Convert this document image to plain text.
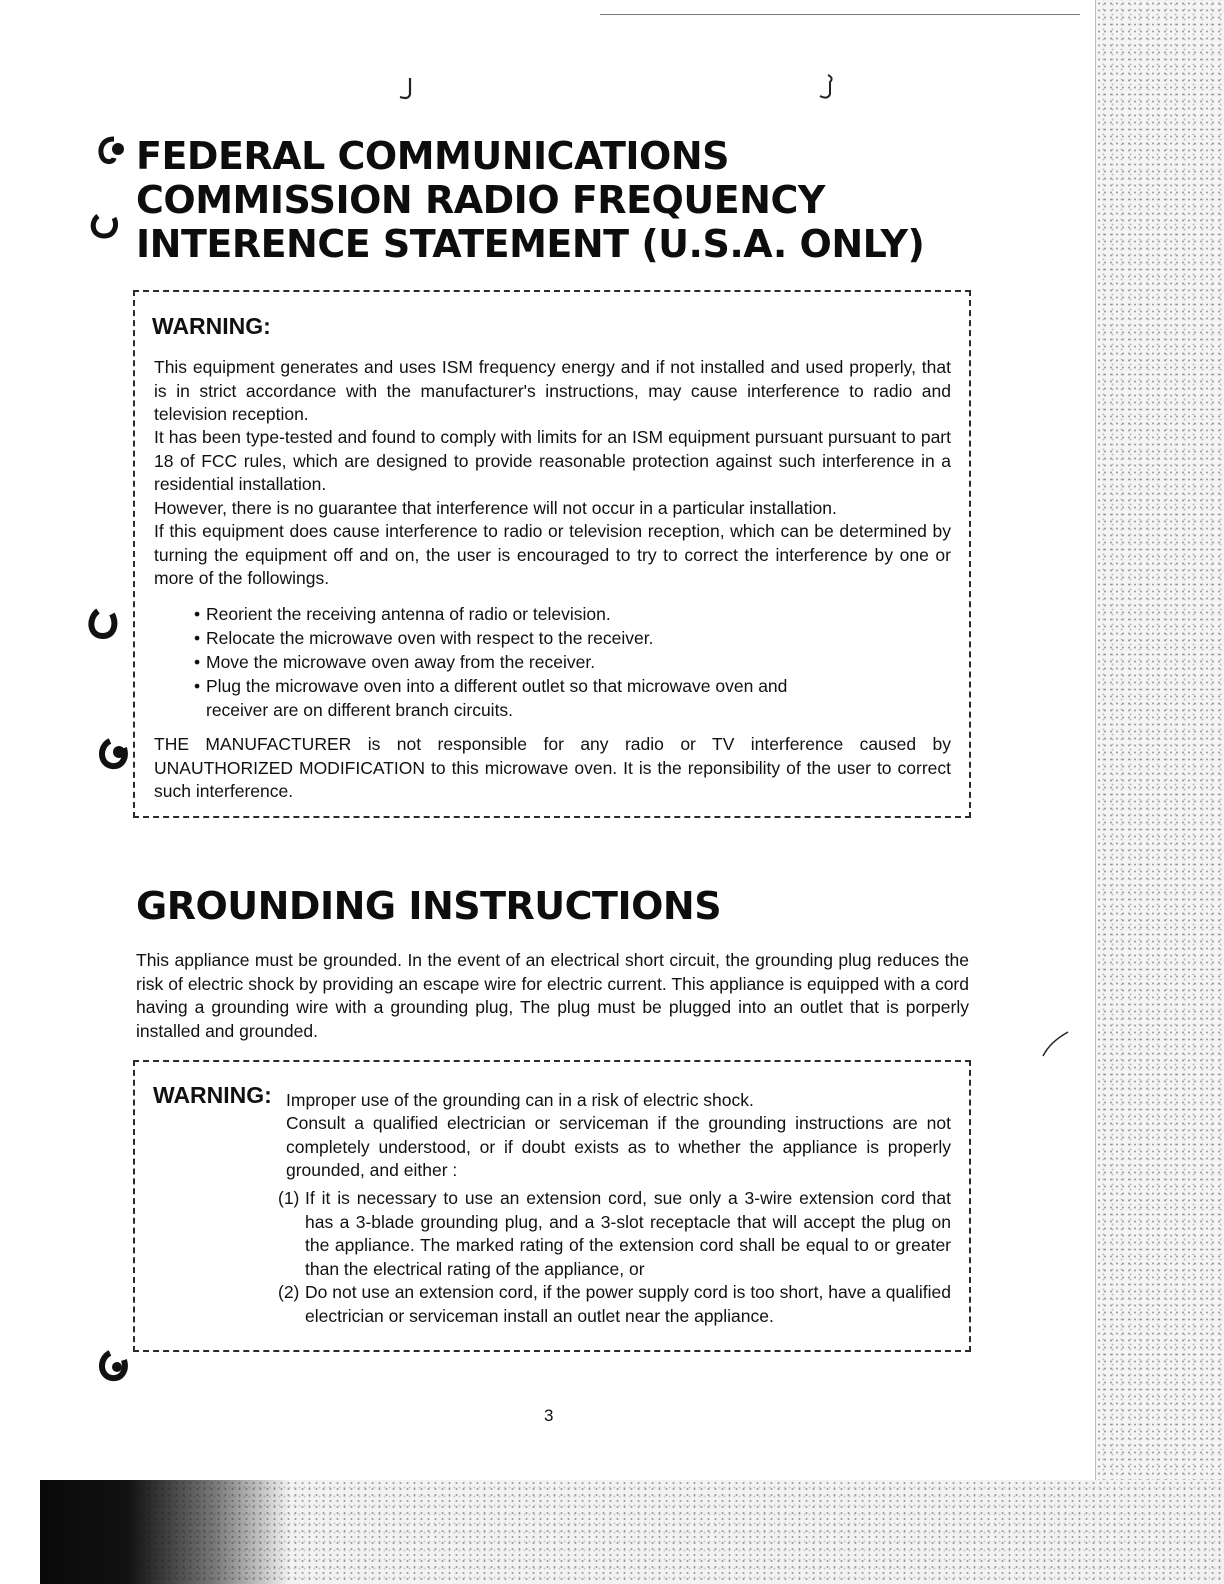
FEDERAL COMMUNICATIONS
COMMISSION RADIO FREQUENCY
INTERENCE STATEMENT (U.S.A. ONLY)

WARNING:

This equipment generates and uses ISM frequency energy and if not installed and used properly, that is in strict accordance with the manufacturer's instructions, may cause interference to radio and television reception.

It has been type-tested and found to comply with limits for an ISM equipment pursuant pursuant to part 18 of FCC rules, which are designed to provide reasonable protection against such interference in a residential installation.

However, there is no guarantee that interference will not occur in a particular installation.

If this equipment does cause interference to radio or television reception, which can be determined by turning the equipment off and on, the user is encouraged to try to correct the interference by one or more of the followings.

• Reorient the receiving antenna of radio or television.
• Relocate the microwave oven with respect to the receiver.
• Move the microwave oven away from the receiver.
• Plug the microwave oven into a different outlet so that microwave oven and
receiver are on different branch circuits.

THE MANUFACTURER is not responsible for any radio or TV interference caused by UNAUTHORIZED MODIFICATION to this microwave oven. It is the reponsibility of the user to correct such interference.

GROUNDING INSTRUCTIONS

This appliance must be grounded. In the event of an electrical short circuit, the grounding plug reduces the risk of electric shock by providing an escape wire for electric current. This appliance is equipped with a cord having a grounding wire with a grounding plug, The plug must be plugged into an outlet that is porperly installed and grounded.

WARNING: Improper use of the grounding can in a risk of electric shock.

Consult a qualified electrician or serviceman if the grounding instructions are not completely understood, or if doubt exists as to whether the appliance is properly grounded, and either :

(1) If it is necessary to use an extension cord, sue only a 3-wire extension cord that has a 3-blade grounding plug, and a 3-slot receptacle that will accept the plug on the appliance. The marked rating of the extension cord shall be equal to or greater than the electrical rating of the appliance, or
(2) Do not use an extension cord, if the power supply cord is too short, have a qualified electrician or serviceman install an outlet near the appliance.

3
